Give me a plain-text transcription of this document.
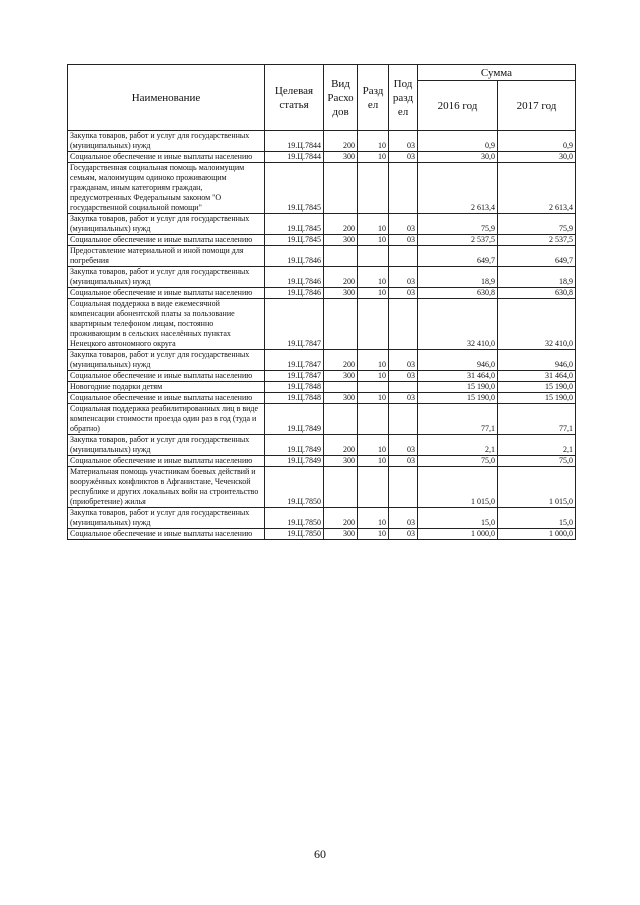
Наименование	Целевая статья	Вид
Расхо
дов	Разд
ел	Под
разд
ел	Сумма	
					2016 год	2017 год
Закупка товаров, работ и услуг для государственных (муниципальных) нужд	19.Ц.7844	200	10	03	0,9	0,9
Социальное обеспечение и иные выплаты населению	19.Ц.7844	300	10	03	30,0	30,0
Государственная социальная помощь малоимущим семьям, малоимущим одиноко проживающим гражданам, иным категориям граждан, предусмотренных Федеральным законом "О государственной социальной помощи"	19.Ц.7845				2 613,4	2 613,4
Закупка товаров, работ и услуг для государственных (муниципальных) нужд	19.Ц.7845	200	10	03	75,9	75,9
Социальное обеспечение и иные выплаты населению	19.Ц.7845	300	10	03	2 537,5	2 537,5
Предоставление материальной и иной помощи для погребения	19.Ц.7846				649,7	649,7
Закупка товаров, работ и услуг для государственных (муниципальных) нужд	19.Ц.7846	200	10	03	18,9	18,9
Социальное обеспечение и иные выплаты населению	19.Ц.7846	300	10	03	630,8	630,8
Социальная поддержка в виде ежемесячной компенсации абонентской платы за пользование квартирным телефоном лицам, постоянно проживающим в сельских населённых пунктах Ненецкого автономного округа	19.Ц.7847				32 410,0	32 410,0
Закупка товаров, работ и услуг для государственных (муниципальных) нужд	19.Ц.7847	200	10	03	946,0	946,0
Социальное обеспечение и иные выплаты населению	19.Ц.7847	300	10	03	31 464,0	31 464,0
Новогодние подарки детям	19.Ц.7848				15 190,0	15 190,0
Социальное обеспечение и иные выплаты населению	19.Ц.7848	300	10	03	15 190,0	15 190,0
Социальная поддержка реабилитированных лиц в виде компенсации стоимости проезда один раз в год (туда и обратно)	19.Ц.7849				77,1	77,1
Закупка товаров, работ и услуг для государственных (муниципальных) нужд	19.Ц.7849	200	10	03	2,1	2,1
Социальное обеспечение и иные выплаты населению	19.Ц.7849	300	10	03	75,0	75,0
Материальная помощь участникам боевых действий и вооружённых конфликтов в Афганистане, Чеченской республике и других локальных войн на строительство (приобретение) жилья	19.Ц.7850				1 015,0	1 015,0
Закупка товаров, работ и услуг для государственных (муниципальных) нужд	19.Ц.7850	200	10	03	15,0	15,0
Социальное обеспечение и иные выплаты населению	19.Ц.7850	300	10	03	1 000,0	1 000,0
60
